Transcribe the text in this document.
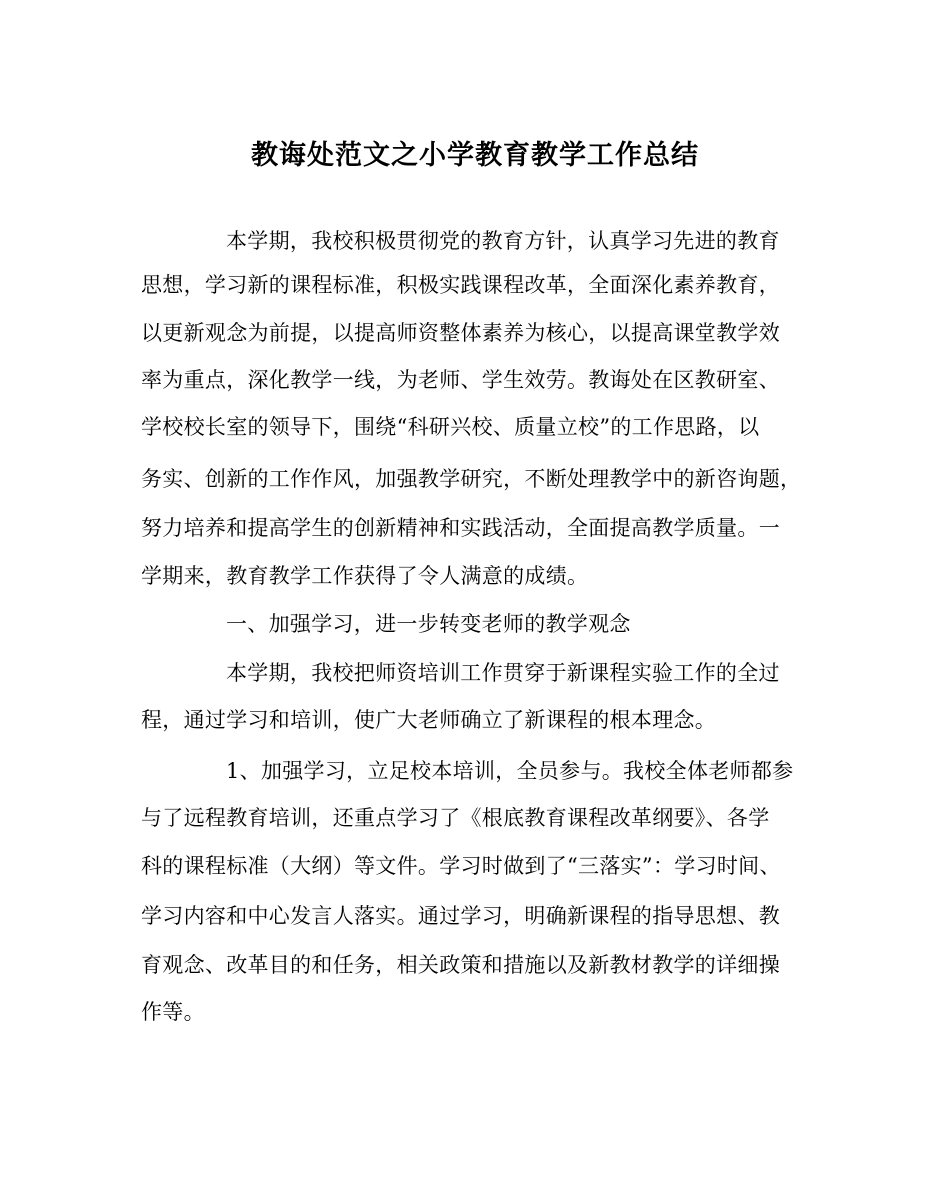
教诲处范文之小学教育教学工作总结
本学期，我校积极贯彻党的教育方针，认真学习先进的教育
思想，学习新的课程标准，积极实践课程改革，全面深化素养教育，
以更新观念为前提，以提高师资整体素养为核心，以提高课堂教学效
率为重点，深化教学一线，为老师、学生效劳。教诲处在区教研室、
学校校长室的领导下，围绕“科研兴校、质量立校”的工作思路，以
务实、创新的工作作风，加强教学研究，不断处理教学中的新咨询题，
努力培养和提高学生的创新精神和实践活动，全面提高教学质量。一
学期来，教育教学工作获得了令人满意的成绩。
一、加强学习，进一步转变老师的教学观念
本学期，我校把师资培训工作贯穿于新课程实验工作的全过
程，通过学习和培训，使广大老师确立了新课程的根本理念。
1、加强学习，立足校本培训，全员参与。我校全体老师都参
与了远程教育培训，还重点学习了《根底教育课程改革纲要》、各学
科的课程标准（大纲）等文件。学习时做到了“三落实”：学习时间、
学习内容和中心发言人落实。通过学习，明确新课程的指导思想、教
育观念、改革目的和任务，相关政策和措施以及新教材教学的详细操
作等。
